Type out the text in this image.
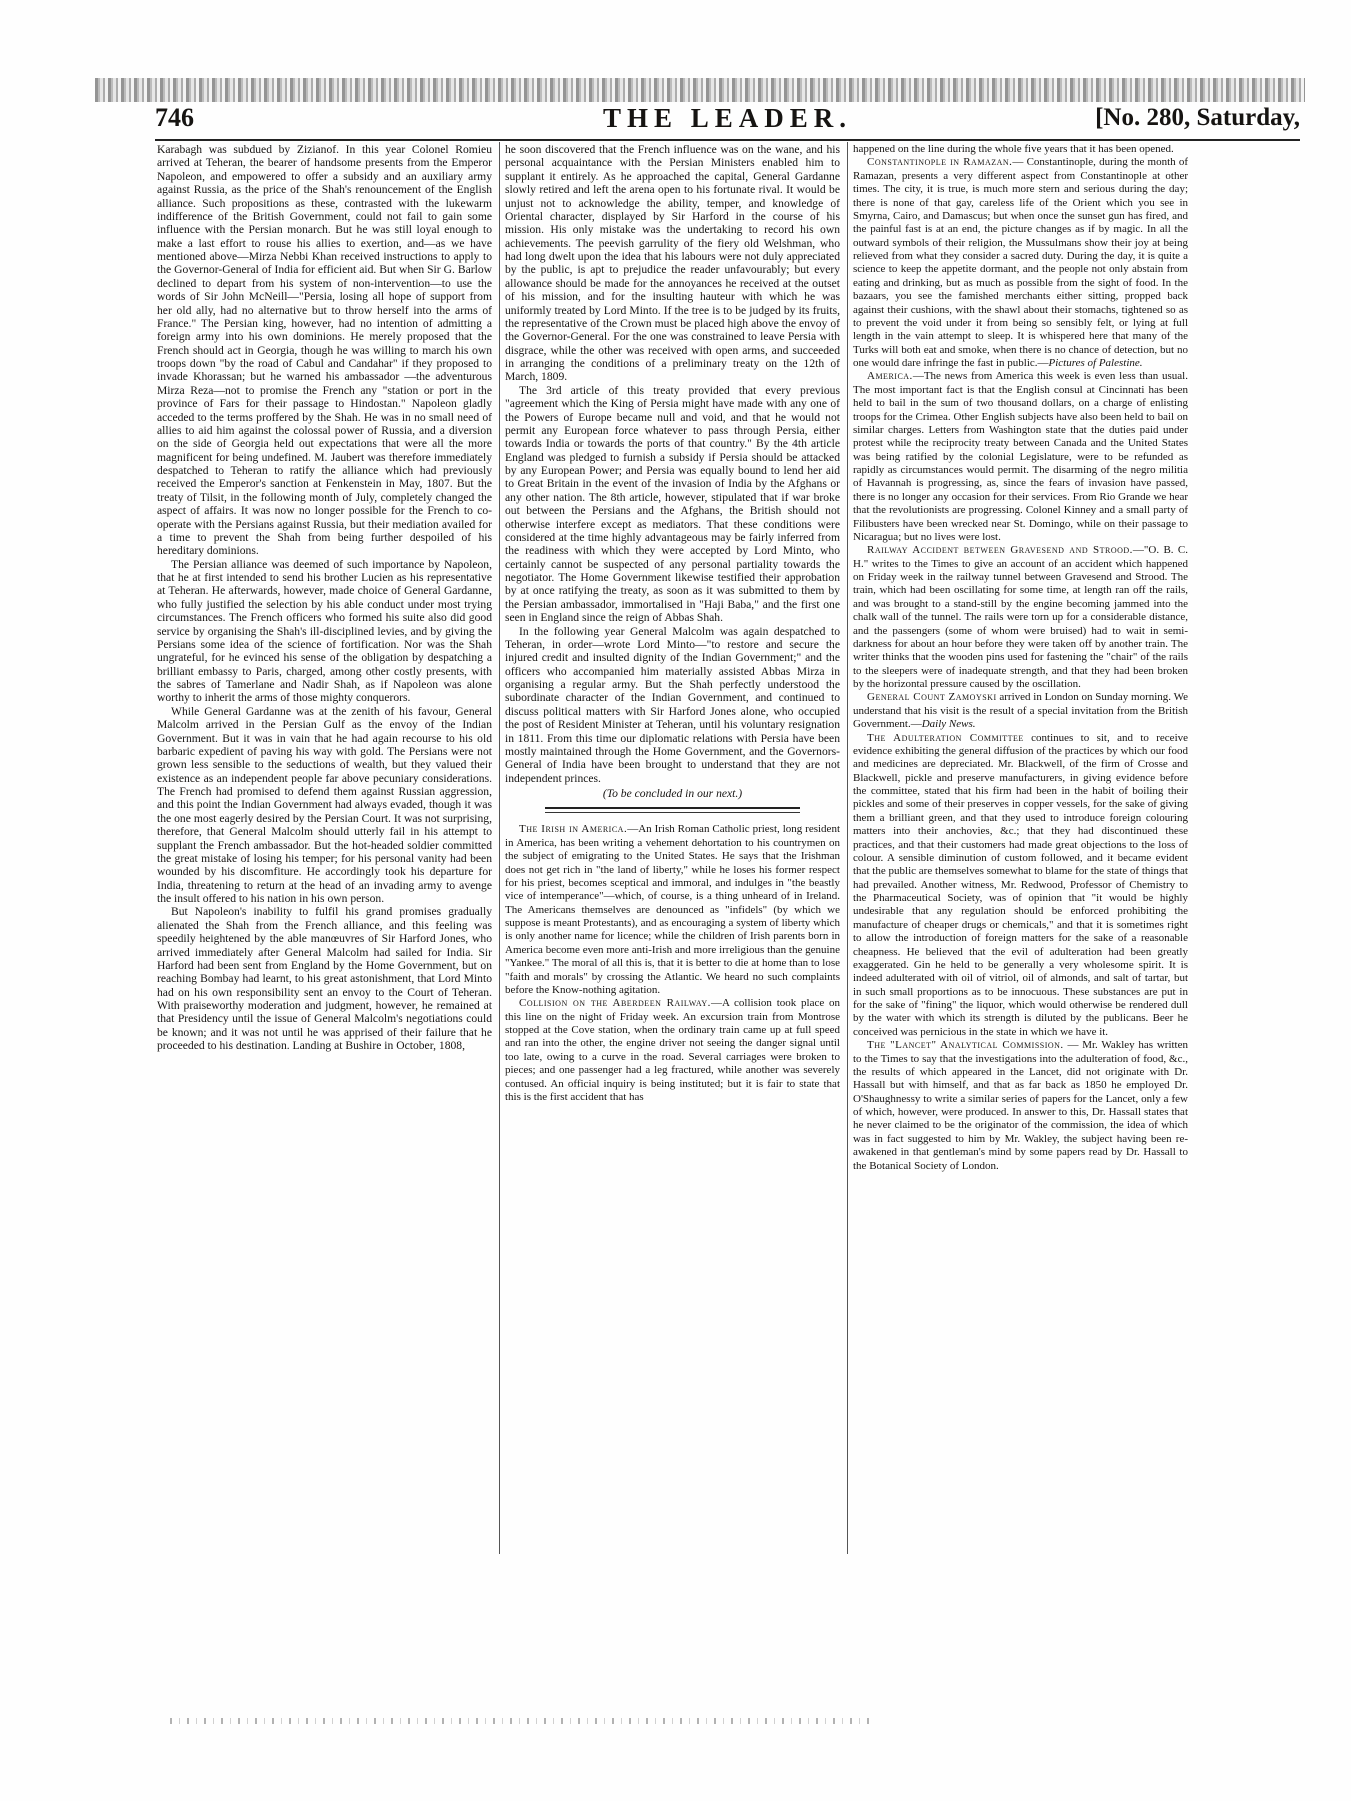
746	THE LEADER.	[No. 280, Saturday,

Karabagh was subdued by Zizianof. In this year Colonel Romieu arrived at Teheran, the bearer of handsome presents from the Emperor Napoleon, and empowered to offer a subsidy and an auxiliary army against Russia, as the price of the Shah's renouncement of the English alliance. Such propositions as these, contrasted with the lukewarm indifference of the British Government, could not fail to gain some influence with the Persian monarch. But he was still loyal enough to make a last effort to rouse his allies to exertion, and—as we have mentioned above—Mirza Nebbi Khan received instructions to apply to the Governor-General of India for efficient aid. But when Sir G. Barlow declined to depart from his system of non-intervention—to use the words of Sir John McNeill—"Persia, losing all hope of support from her old ally, had no alternative but to throw herself into the arms of France." The Persian king, however, had no intention of admitting a foreign army into his own dominions. He merely proposed that the French should act in Georgia, though he was willing to march his own troops down "by the road of Cabul and Candahar" if they proposed to invade Khorassan; but he warned his ambassador —the adventurous Mirza Reza—not to promise the French any "station or port in the province of Fars for their passage to Hindostan." Napoleon gladly acceded to the terms proffered by the Shah. He was in no small need of allies to aid him against the colossal power of Russia, and a diversion on the side of Georgia held out expectations that were all the more magnificent for being undefined. M. Jaubert was therefore immediately despatched to Teheran to ratify the alliance which had previously received the Emperor's sanction at Fenkenstein in May, 1807. But the treaty of Tilsit, in the following month of July, completely changed the aspect of affairs. It was now no longer possible for the French to co-operate with the Persians against Russia, but their mediation availed for a time to prevent the Shah from being further despoiled of his hereditary dominions.

The Persian alliance was deemed of such importance by Napoleon, that he at first intended to send his brother Lucien as his representative at Teheran. He afterwards, however, made choice of General Gardanne, who fully justified the selection by his able conduct under most trying circumstances. The French officers who formed his suite also did good service by organising the Shah's ill-disciplined levies, and by giving the Persians some idea of the science of fortification. Nor was the Shah ungrateful, for he evinced his sense of the obligation by despatching a brilliant embassy to Paris, charged, among other costly presents, with the sabres of Tamerlane and Nadir Shah, as if Napoleon was alone worthy to inherit the arms of those mighty conquerors.

While General Gardanne was at the zenith of his favour, General Malcolm arrived in the Persian Gulf as the envoy of the Indian Government. But it was in vain that he had again recourse to his old barbaric expedient of paving his way with gold. The Persians were not grown less sensible to the seductions of wealth, but they valued their existence as an independent people far above pecuniary considerations. The French had promised to defend them against Russian aggression, and this point the Indian Government had always evaded, though it was the one most eagerly desired by the Persian Court. It was not surprising, therefore, that General Malcolm should utterly fail in his attempt to supplant the French ambassador. But the hot-headed soldier committed the great mistake of losing his temper; for his personal vanity had been wounded by his discomfiture. He accordingly took his departure for India, threatening to return at the head of an invading army to avenge the insult offered to his nation in his own person.

But Napoleon's inability to fulfil his grand promises gradually alienated the Shah from the French alliance, and this feeling was speedily heightened by the able manœuvres of Sir Harford Jones, who arrived immediately after General Malcolm had sailed for India. Sir Harford had been sent from England by the Home Government, but on reaching Bombay had learnt, to his great astonishment, that Lord Minto had on his own responsibility sent an envoy to the Court of Teheran. With praiseworthy moderation and judgment, however, he remained at that Presidency until the issue of General Malcolm's negotiations could be known; and it was not until he was apprised of their failure that he proceeded to his destination. Landing at Bushire in October, 1808,

he soon discovered that the French influence was on the wane, and his personal acquaintance with the Persian Ministers enabled him to supplant it entirely. As he approached the capital, General Gardanne slowly retired and left the arena open to his fortunate rival. It would be unjust not to acknowledge the ability, temper, and knowledge of Oriental character, displayed by Sir Harford in the course of his mission. His only mistake was the undertaking to record his own achievements. The peevish garrulity of the fiery old Welshman, who had long dwelt upon the idea that his labours were not duly appreciated by the public, is apt to prejudice the reader unfavourably; but every allowance should be made for the annoyances he received at the outset of his mission, and for the insulting hauteur with which he was uniformly treated by Lord Minto. If the tree is to be judged by its fruits, the representative of the Crown must be placed high above the envoy of the Governor-General. For the one was constrained to leave Persia with disgrace, while the other was received with open arms, and succeeded in arranging the conditions of a preliminary treaty on the 12th of March, 1809.

The 3rd article of this treaty provided that every previous "agreement which the King of Persia might have made with any one of the Powers of Europe became null and void, and that he would not permit any European force whatever to pass through Persia, either towards India or towards the ports of that country." By the 4th article England was pledged to furnish a subsidy if Persia should be attacked by any European Power; and Persia was equally bound to lend her aid to Great Britain in the event of the invasion of India by the Afghans or any other nation. The 8th article, however, stipulated that if war broke out between the Persians and the Afghans, the British should not otherwise interfere except as mediators. That these conditions were considered at the time highly advantageous may be fairly inferred from the readiness with which they were accepted by Lord Minto, who certainly cannot be suspected of any personal partiality towards the negotiator. The Home Government likewise testified their approbation by at once ratifying the treaty, as soon as it was submitted to them by the Persian ambassador, immortalised in "Haji Baba," and the first one seen in England since the reign of Abbas Shah.

In the following year General Malcolm was again despatched to Teheran, in order—wrote Lord Minto—"to restore and secure the injured credit and insulted dignity of the Indian Government;" and the officers who accompanied him materially assisted Abbas Mirza in organising a regular army. But the Shah perfectly understood the subordinate character of the Indian Government, and continued to discuss political matters with Sir Harford Jones alone, who occupied the post of Resident Minister at Teheran, until his voluntary resignation in 1811. From this time our diplomatic relations with Persia have been mostly maintained through the Home Government, and the Governors-General of India have been brought to understand that they are not independent princes.

(To be concluded in our next.)

The Irish in America.—An Irish Roman Catholic priest, long resident in America, has been writing a vehement dehortation to his countrymen on the subject of emigrating to the United States. He says that the Irishman does not get rich in "the land of liberty," while he loses his former respect for his priest, becomes sceptical and immoral, and indulges in "the beastly vice of intemperance"—which, of course, is a thing unheard of in Ireland. The Americans themselves are denounced as "infidels" (by which we suppose is meant Protestants), and as encouraging a system of liberty which is only another name for licence; while the children of Irish parents born in America become even more anti-Irish and more irreligious than the genuine "Yankee." The moral of all this is, that it is better to die at home than to lose "faith and morals" by crossing the Atlantic. We heard no such complaints before the Know-nothing agitation.

Collision on the Aberdeen Railway.—A collision took place on this line on the night of Friday week. An excursion train from Montrose stopped at the Cove station, when the ordinary train came up at full speed and ran into the other, the engine driver not seeing the danger signal until too late, owing to a curve in the road. Several carriages were broken to pieces; and one passenger had a leg fractured, while another was severely contused. An official inquiry is being instituted; but it is fair to state that this is the first accident that has

happened on the line during the whole five years that it has been opened.

Constantinople in Ramazan.— Constantinople, during the month of Ramazan, presents a very different aspect from Constantinople at other times. The city, it is true, is much more stern and serious during the day; there is none of that gay, careless life of the Orient which you see in Smyrna, Cairo, and Damascus; but when once the sunset gun has fired, and the painful fast is at an end, the picture changes as if by magic. In all the outward symbols of their religion, the Mussulmans show their joy at being relieved from what they consider a sacred duty. During the day, it is quite a science to keep the appetite dormant, and the people not only abstain from eating and drinking, but as much as possible from the sight of food. In the bazaars, you see the famished merchants either sitting, propped back against their cushions, with the shawl about their stomachs, tightened so as to prevent the void under it from being so sensibly felt, or lying at full length in the vain attempt to sleep. It is whispered here that many of the Turks will both eat and smoke, when there is no chance of detection, but no one would dare infringe the fast in public.—Pictures of Palestine.

America.—The news from America this week is even less than usual. The most important fact is that the English consul at Cincinnati has been held to bail in the sum of two thousand dollars, on a charge of enlisting troops for the Crimea. Other English subjects have also been held to bail on similar charges. Letters from Washington state that the duties paid under protest while the reciprocity treaty between Canada and the United States was being ratified by the colonial Legislature, were to be refunded as rapidly as circumstances would permit. The disarming of the negro militia of Havannah is progressing, as, since the fears of invasion have passed, there is no longer any occasion for their services. From Rio Grande we hear that the revolutionists are progressing. Colonel Kinney and a small party of Filibusters have been wrecked near St. Domingo, while on their passage to Nicaragua; but no lives were lost.

Railway Accident between Gravesend and Strood.—"O. B. C. H." writes to the Times to give an account of an accident which happened on Friday week in the railway tunnel between Gravesend and Strood. The train, which had been oscillating for some time, at length ran off the rails, and was brought to a stand-still by the engine becoming jammed into the chalk wall of the tunnel. The rails were torn up for a considerable distance, and the passengers (some of whom were bruised) had to wait in semi-darkness for about an hour before they were taken off by another train. The writer thinks that the wooden pins used for fastening the "chair" of the rails to the sleepers were of inadequate strength, and that they had been broken by the horizontal pressure caused by the oscillation.

General Count Zamoyski arrived in London on Sunday morning. We understand that his visit is the result of a special invitation from the British Government.—Daily News.

The Adulteration Committee continues to sit, and to receive evidence exhibiting the general diffusion of the practices by which our food and medicines are depreciated. Mr. Blackwell, of the firm of Crosse and Blackwell, pickle and preserve manufacturers, in giving evidence before the committee, stated that his firm had been in the habit of boiling their pickles and some of their preserves in copper vessels, for the sake of giving them a brilliant green, and that they used to introduce foreign colouring matters into their anchovies, &c.; that they had discontinued these practices, and that their customers had made great objections to the loss of colour. A sensible diminution of custom followed, and it became evident that the public are themselves somewhat to blame for the state of things that had prevailed. Another witness, Mr. Redwood, Professor of Chemistry to the Pharmaceutical Society, was of opinion that "it would be highly undesirable that any regulation should be enforced prohibiting the manufacture of cheaper drugs or chemicals," and that it is sometimes right to allow the introduction of foreign matters for the sake of a reasonable cheapness. He believed that the evil of adulteration had been greatly exaggerated. Gin he held to be generally a very wholesome spirit. It is indeed adulterated with oil of vitriol, oil of almonds, and salt of tartar, but in such small proportions as to be innocuous. These substances are put in for the sake of "fining" the liquor, which would otherwise be rendered dull by the water with which its strength is diluted by the publicans. Beer he conceived was pernicious in the state in which we have it.

The "Lancet" Analytical Commission. — Mr. Wakley has written to the Times to say that the investigations into the adulteration of food, &c., the results of which appeared in the Lancet, did not originate with Dr. Hassall but with himself, and that as far back as 1850 he employed Dr. O'Shaughnessy to write a similar series of papers for the Lancet, only a few of which, however, were produced. In answer to this, Dr. Hassall states that he never claimed to be the originator of the commission, the idea of which was in fact suggested to him by Mr. Wakley, the subject having been re-awakened in that gentleman's mind by some papers read by Dr. Hassall to the Botanical Society of London.
